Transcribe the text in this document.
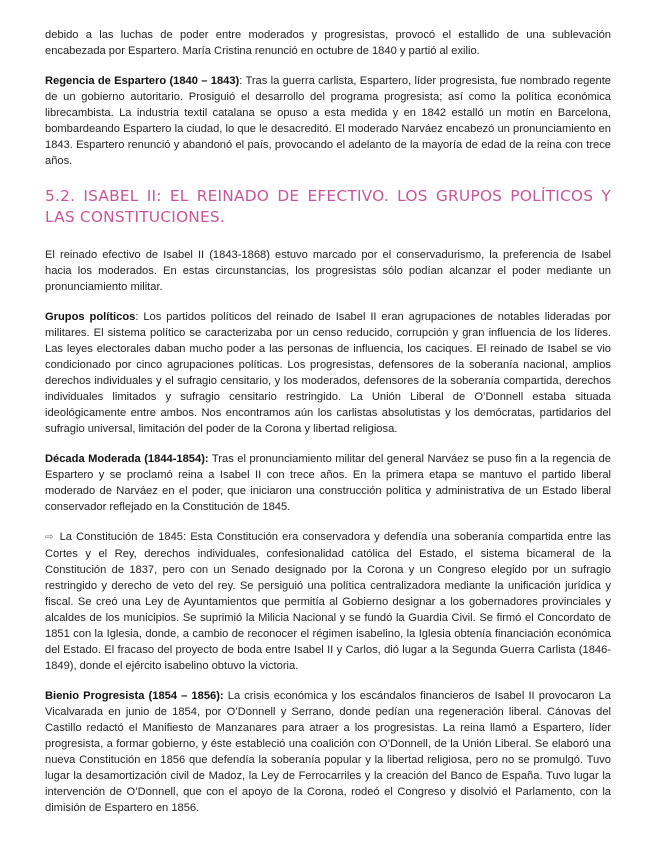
debido a las luchas de poder entre moderados y progresistas, provocó el estallido de una sublevación encabezada por Espartero. María Cristina renunció en octubre de 1840 y partió al exilio.

Regencia de Espartero (1840 – 1843): Tras la guerra carlista, Espartero, líder progresista, fue nombrado regente de un gobierno autoritario. Prosiguió el desarrollo del programa progresista; así como la política económica librecambista. La industria textil catalana se opuso a esta medida y en 1842 estalló un motín en Barcelona, bombardeando Espartero la ciudad, lo que le desacreditó. El moderado Narváez encabezó un pronunciamiento en 1843. Espartero renunció y abandonó el país, provocando el adelanto de la mayoría de edad de la reina con trece años.

5.2. ISABEL II: EL REINADO DE EFECTIVO. LOS GRUPOS POLÍTICOS Y LAS CONSTITUCIONES.

El reinado efectivo de Isabel II (1843-1868) estuvo marcado por el conservadurismo, la preferencia de Isabel hacia los moderados. En estas circunstancias, los progresistas sólo podían alcanzar el poder mediante un pronunciamiento militar.

Grupos políticos: Los partidos políticos del reinado de Isabel II eran agrupaciones de notables lideradas por militares. El sistema político se caracterizaba por un censo reducido, corrupción y gran influencia de los líderes. Las leyes electorales daban mucho poder a las personas de influencia, los caciques. El reinado de Isabel se vio condicionado por cinco agrupaciones políticas. Los progresistas, defensores de la soberanía nacional, amplios derechos individuales y el sufragio censitario, y los moderados, defensores de la soberanía compartida, derechos individuales limitados y sufragio censitario restringido. La Unión Liberal de O’Donnell estaba situada ideológicamente entre ambos. Nos encontramos aún los carlistas absolutistas y los demócratas, partidarios del sufragio universal, limitación del poder de la Corona y libertad religiosa.

Década Moderada (1844-1854): Tras el pronunciamiento militar del general Narváez se puso fin a la regencia de Espartero y se proclamó reina a Isabel II con trece años. En la primera etapa se mantuvo el partido liberal moderado de Narváez en el poder, que iniciaron una construcción política y administrativa de un Estado liberal conservador reflejado en la Constitución de 1845.

⇨ La Constitución de 1845: Esta Constitución era conservadora y defendía una soberanía compartida entre las Cortes y el Rey, derechos individuales, confesionalidad católica del Estado, el sistema bicameral de la Constitución de 1837, pero con un Senado designado por la Corona y un Congreso elegido por un sufragio restringido y derecho de veto del rey. Se persiguió una política centralizadora mediante la unificación jurídica y fiscal. Se creó una Ley de Ayuntamientos que permitía al Gobierno designar a los gobernadores provinciales y alcaldes de los municipios. Se suprimió la Milicia Nacional y se fundó la Guardia Civil. Se firmó el Concordato de 1851 con la Iglesia, donde, a cambio de reconocer el régimen isabelino, la Iglesia obtenía financiación económica del Estado. El fracaso del proyecto de boda entre Isabel II y Carlos, dió lugar a la Segunda Guerra Carlista (1846-1849), donde el ejército isabelino obtuvo la victoria.

Bienio Progresista (1854 – 1856): La crisis económica y los escándalos financieros de Isabel II provocaron La Vicalvarada en junio de 1854, por O’Donnell y Serrano, donde pedían una regeneración liberal. Cánovas del Castillo redactó el Manifiesto de Manzanares para atraer a los progresistas. La reina llamó a Espartero, líder progresista, a formar gobierno, y éste estableció una coalición con O’Donnell, de la Unión Liberal. Se elaboró una nueva Constitución en 1856 que defendía la soberanía popular y la libertad religiosa, pero no se promulgó. Tuvo lugar la desamortización civil de Madoz, la Ley de Ferrocarriles y la creación del Banco de España. Tuvo lugar la intervención de O’Donnell, que con el apoyo de la Corona, rodeó el Congreso y disolvió el Parlamento, con la dimisión de Espartero en 1856.
